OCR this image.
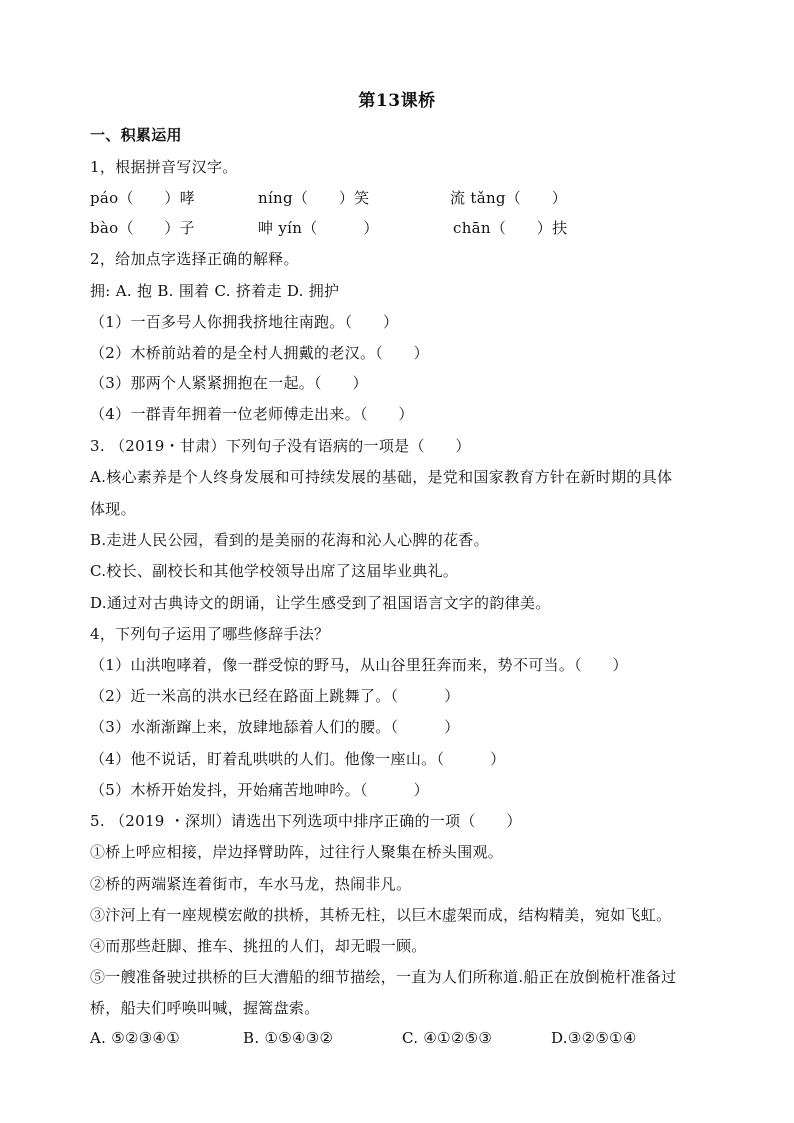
第13课桥
一、积累运用
1，根据拼音写汉字。
páo（　　）哮	níng（　　）笑	流 tǎng（　　）
bào（　　）子	呻 yín（　　　）	chān（　　）扶
2，给加点字选择正确的解释。
拥: A. 抱 B. 围着 C. 挤着走 D. 拥护
（1）一百多号人你拥我挤地往南跑。（　　）
（2）木桥前站着的是全村人拥戴的老汉。（　　）
（3）那两个人紧紧拥抱在一起。（　　）
（4）一群青年拥着一位老师傅走出来。（　　）
3. （2019・甘肃）下列句子没有语病的一项是（　　）
A.核心素养是个人终身发展和可持续发展的基础，是党和国家教育方针在新时期的具体
体现。
B.走进人民公园，看到的是美丽的花海和沁人心脾的花香。
C.校长、副校长和其他学校领导出席了这届毕业典礼。
D.通过对古典诗文的朗诵，让学生感受到了祖国语言文字的韵律美。
4，下列句子运用了哪些修辞手法？
（1）山洪咆哮着，像一群受惊的野马，从山谷里狂奔而来，势不可当。（　　）
（2）近一米高的洪水已经在路面上跳舞了。（　　　）
（3）水渐渐蹿上来，放肆地舔着人们的腰。（　　　）
（4）他不说话，盯着乱哄哄的人们。他像一座山。（　　　）
（5）木桥开始发抖，开始痛苦地呻吟。（　　　）
5. （2019 ・深圳）请选出下列选项中排序正确的一项（　　）
①桥上呼应相接，岸边择臂助阵，过往行人聚集在桥头围观。
②桥的两端紧连着街市，车水马龙，热闹非凡。
③汴河上有一座规模宏敞的拱桥，其桥无柱，以巨木虚架而成，结构精美，宛如飞虹。
④而那些赶脚、推车、挑扭的人们，却无暇一顾。
⑤一艘准备驶过拱桥的巨大漕船的细节描绘，一直为人们所称道.船正在放倒桅杆准备过
桥，船夫们呼唤叫喊，握篙盘索。
A. ⑤②③④①	B. ①⑤④③②	C. ④①②⑤③	D.③②⑤①④
